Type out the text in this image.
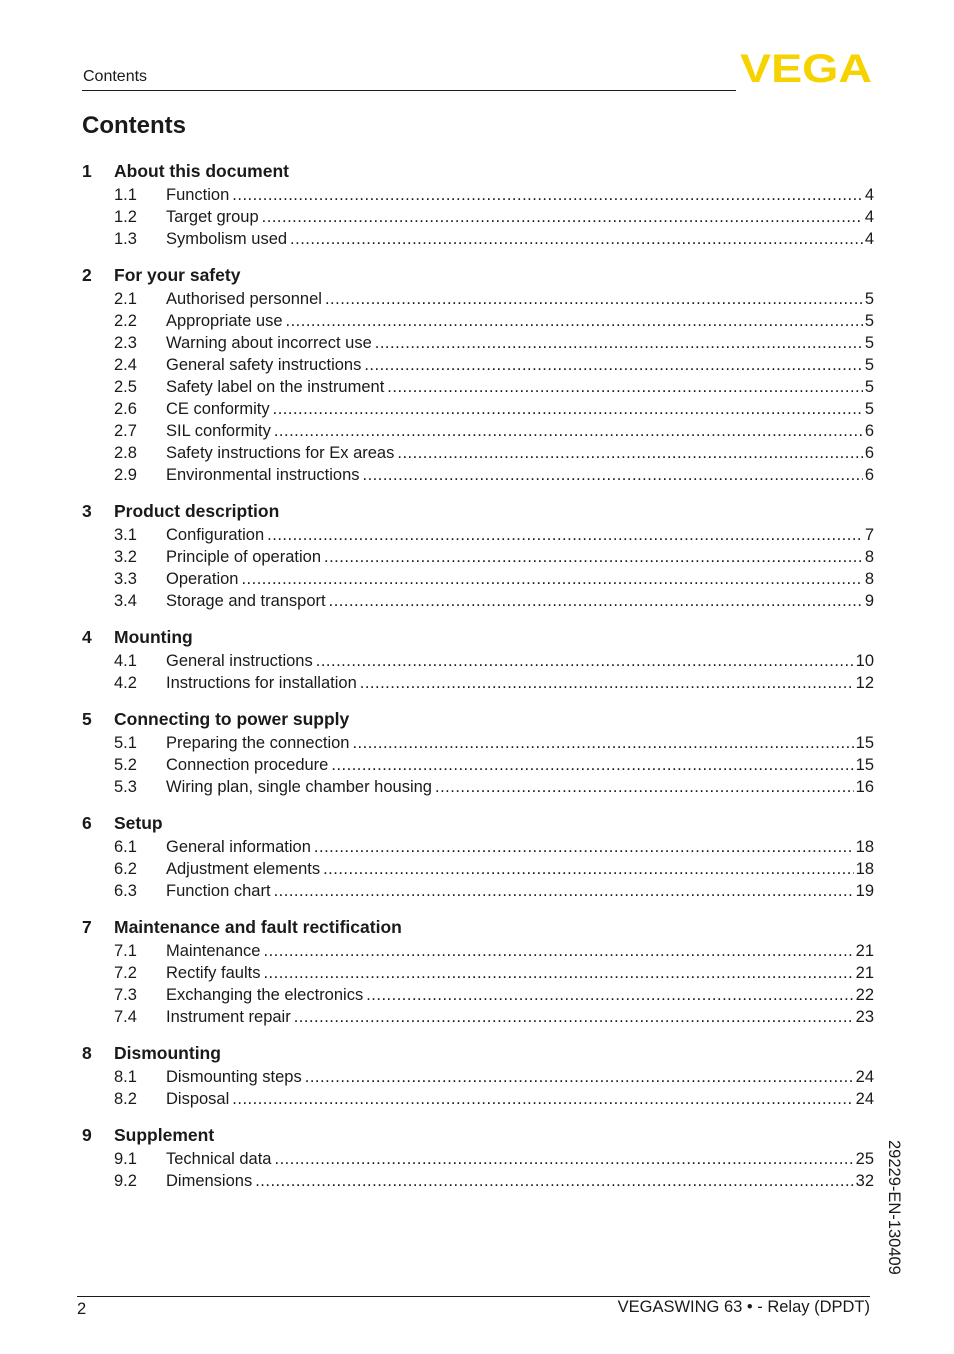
Contents	VEGA
Contents
1	About this document
1.1	Function .....	4
1.2	Target group .....	4
1.3	Symbolism used .....	4
2	For your safety
2.1	Authorised personnel .....	5
2.2	Appropriate use .....	5
2.3	Warning about incorrect use .....	5
2.4	General safety instructions .....	5
2.5	Safety label on the instrument .....	5
2.6	CE conformity .....	5
2.7	SIL conformity .....	6
2.8	Safety instructions for Ex areas .....	6
2.9	Environmental instructions .....	6
3	Product description
3.1	Configuration .....	7
3.2	Principle of operation .....	8
3.3	Operation .....	8
3.4	Storage and transport .....	9
4	Mounting
4.1	General instructions .....	10
4.2	Instructions for installation .....	12
5	Connecting to power supply
5.1	Preparing the connection .....	15
5.2	Connection procedure .....	15
5.3	Wiring plan, single chamber housing .....	16
6	Setup
6.1	General information .....	18
6.2	Adjustment elements .....	18
6.3	Function chart .....	19
7	Maintenance and fault rectification
7.1	Maintenance .....	21
7.2	Rectify faults .....	21
7.3	Exchanging the electronics .....	22
7.4	Instrument repair .....	23
8	Dismounting
8.1	Dismounting steps .....	24
8.2	Disposal .....	24
9	Supplement
9.1	Technical data .....	25
9.2	Dimensions .....	32 29229-EN-130409
2	VEGASWING 63 • - Relay (DPDT)
